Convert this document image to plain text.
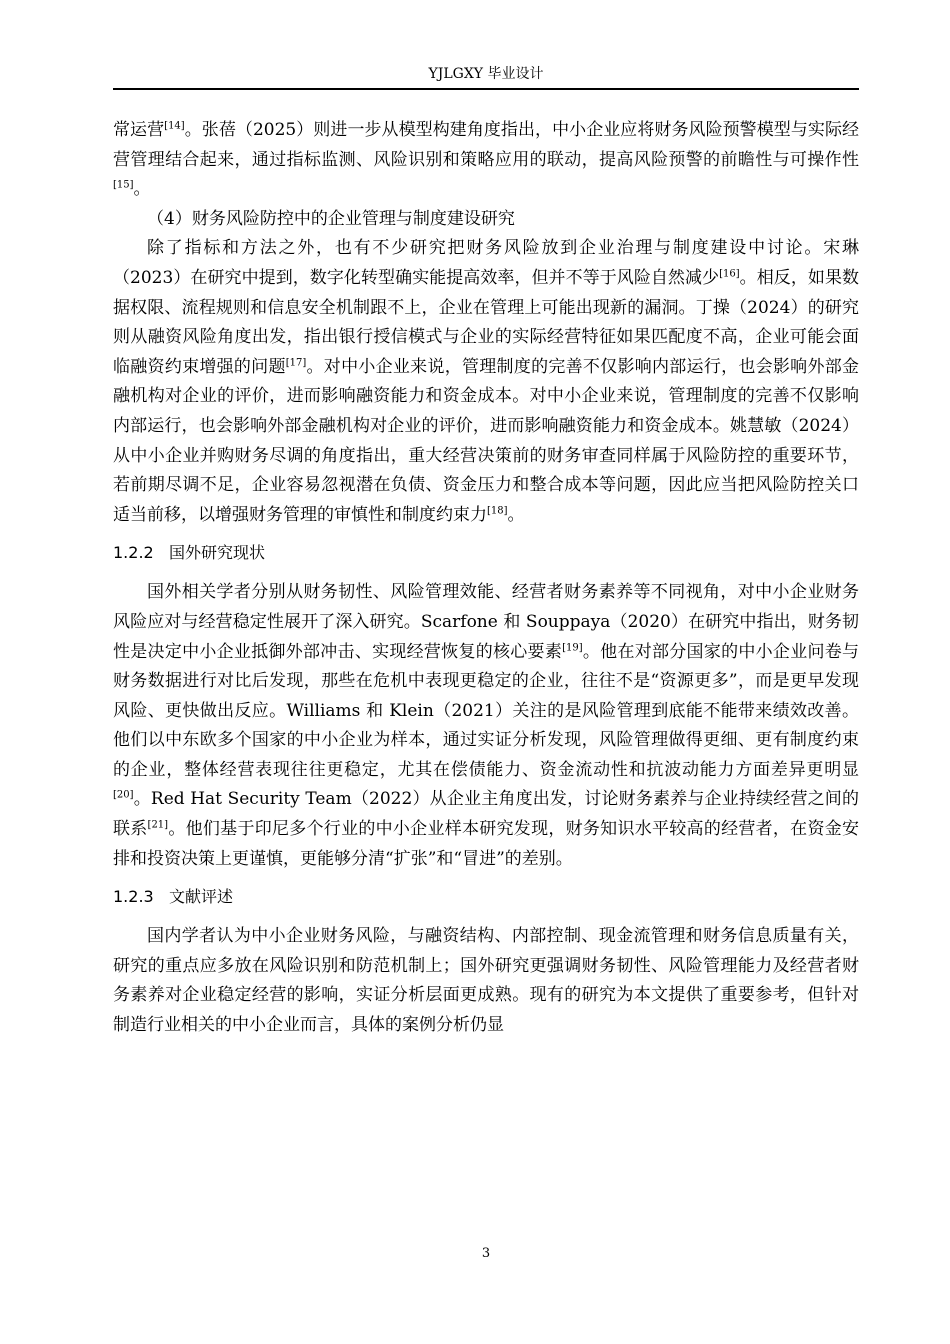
YJLGXY 毕业设计

常运营[14]。张蓓（2025）则进一步从模型构建角度指出，中小企业应将财务风险预警模型与实际经营管理结合起来，通过指标监测、风险识别和策略应用的联动，提高风险预警的前瞻性与可操作性[15]。

（4）财务风险防控中的企业管理与制度建设研究

除了指标和方法之外，也有不少研究把财务风险放到企业治理与制度建设中讨论。宋琳（2023）在研究中提到，数字化转型确实能提高效率，但并不等于风险自然减少[16]。相反，如果数据权限、流程规则和信息安全机制跟不上，企业在管理上可能出现新的漏洞。丁操（2024）的研究则从融资风险角度出发，指出银行授信模式与企业的实际经营特征如果匹配度不高，企业可能会面临融资约束增强的问题[17]。对中小企业来说，管理制度的完善不仅影响内部运行，也会影响外部金融机构对企业的评价，进而影响融资能力和资金成本。对中小企业来说，管理制度的完善不仅影响内部运行，也会影响外部金融机构对企业的评价，进而影响融资能力和资金成本。姚慧敏（2024）从中小企业并购财务尽调的角度指出，重大经营决策前的财务审查同样属于风险防控的重要环节，若前期尽调不足，企业容易忽视潜在负债、资金压力和整合成本等问题，因此应当把风险防控关口适当前移，以增强财务管理的审慎性和制度约束力[18]。

1.2.2 国外研究现状

国外相关学者分别从财务韧性、风险管理效能、经营者财务素养等不同视角，对中小企业财务风险应对与经营稳定性展开了深入研究。Scarfone 和 Souppaya（2020）在研究中指出，财务韧性是决定中小企业抵御外部冲击、实现经营恢复的核心要素[19]。他在对部分国家的中小企业问卷与财务数据进行对比后发现，那些在危机中表现更稳定的企业，往往不是“资源更多”，而是更早发现风险、更快做出反应。Williams 和 Klein（2021）关注的是风险管理到底能不能带来绩效改善。他们以中东欧多个国家的中小企业为样本，通过实证分析发现，风险管理做得更细、更有制度约束的企业，整体经营表现往往更稳定，尤其在偿债能力、资金流动性和抗波动能力方面差异更明显[20]。Red Hat Security Team（2022）从企业主角度出发，讨论财务素养与企业持续经营之间的联系[21]。他们基于印尼多个行业的中小企业样本研究发现，财务知识水平较高的经营者，在资金安排和投资决策上更谨慎，更能够分清“扩张”和“冒进”的差别。

1.2.3 文献评述

国内学者认为中小企业财务风险，与融资结构、内部控制、现金流管理和财务信息质量有关，研究的重点应多放在风险识别和防范机制上；国外研究更强调财务韧性、风险管理能力及经营者财务素养对企业稳定经营的影响，实证分析层面更成熟。现有的研究为本文提供了重要参考，但针对制造行业相关的中小企业而言，具体的案例分析仍显

3
